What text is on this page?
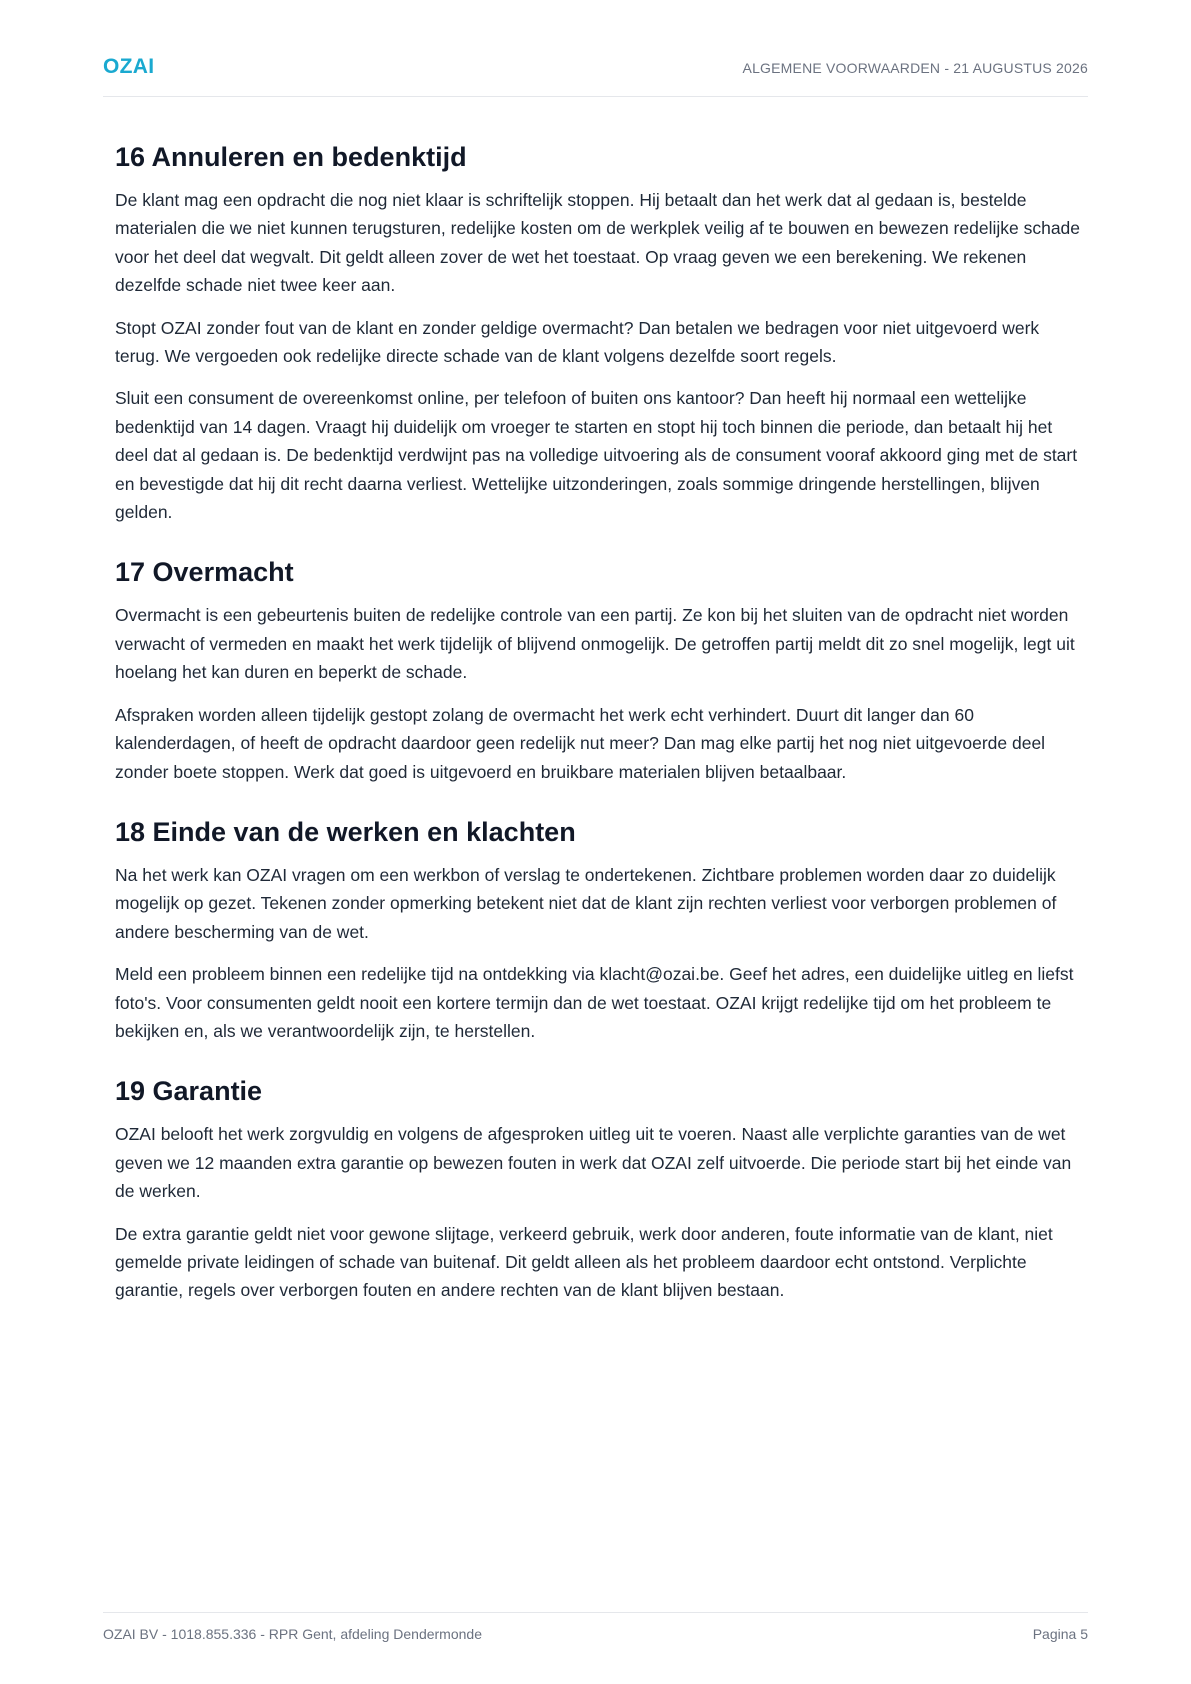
OZAI	ALGEMENE VOORWAARDEN - 21 AUGUSTUS 2026
16 Annuleren en bedenktijd

De klant mag een opdracht die nog niet klaar is schriftelijk stoppen. Hij betaalt dan het werk dat al gedaan is, bestelde materialen die we niet kunnen terugsturen, redelijke kosten om de werkplek veilig af te bouwen en bewezen redelijke schade voor het deel dat wegvalt. Dit geldt alleen zover de wet het toestaat. Op vraag geven we een berekening. We rekenen dezelfde schade niet twee keer aan.

Stopt OZAI zonder fout van de klant en zonder geldige overmacht? Dan betalen we bedragen voor niet uitgevoerd werk terug. We vergoeden ook redelijke directe schade van de klant volgens dezelfde soort regels.

Sluit een consument de overeenkomst online, per telefoon of buiten ons kantoor? Dan heeft hij normaal een wettelijke bedenktijd van 14 dagen. Vraagt hij duidelijk om vroeger te starten en stopt hij toch binnen die periode, dan betaalt hij het deel dat al gedaan is. De bedenktijd verdwijnt pas na volledige uitvoering als de consument vooraf akkoord ging met de start en bevestigde dat hij dit recht daarna verliest. Wettelijke uitzonderingen, zoals sommige dringende herstellingen, blijven gelden.

17 Overmacht

Overmacht is een gebeurtenis buiten de redelijke controle van een partij. Ze kon bij het sluiten van de opdracht niet worden verwacht of vermeden en maakt het werk tijdelijk of blijvend onmogelijk. De getroffen partij meldt dit zo snel mogelijk, legt uit hoelang het kan duren en beperkt de schade.

Afspraken worden alleen tijdelijk gestopt zolang de overmacht het werk echt verhindert. Duurt dit langer dan 60 kalenderdagen, of heeft de opdracht daardoor geen redelijk nut meer? Dan mag elke partij het nog niet uitgevoerde deel zonder boete stoppen. Werk dat goed is uitgevoerd en bruikbare materialen blijven betaalbaar.

18 Einde van de werken en klachten

Na het werk kan OZAI vragen om een werkbon of verslag te ondertekenen. Zichtbare problemen worden daar zo duidelijk mogelijk op gezet. Tekenen zonder opmerking betekent niet dat de klant zijn rechten verliest voor verborgen problemen of andere bescherming van de wet.

Meld een probleem binnen een redelijke tijd na ontdekking via klacht@ozai.be. Geef het adres, een duidelijke uitleg en liefst foto's. Voor consumenten geldt nooit een kortere termijn dan de wet toestaat. OZAI krijgt redelijke tijd om het probleem te bekijken en, als we verantwoordelijk zijn, te herstellen.

19 Garantie

OZAI belooft het werk zorgvuldig en volgens de afgesproken uitleg uit te voeren. Naast alle verplichte garanties van de wet geven we 12 maanden extra garantie op bewezen fouten in werk dat OZAI zelf uitvoerde. Die periode start bij het einde van de werken.

De extra garantie geldt niet voor gewone slijtage, verkeerd gebruik, werk door anderen, foute informatie van de klant, niet gemelde private leidingen of schade van buitenaf. Dit geldt alleen als het probleem daardoor echt ontstond. Verplichte garantie, regels over verborgen fouten en andere rechten van de klant blijven bestaan.

OZAI BV - 1018.855.336 - RPR Gent, afdeling Dendermonde	Pagina 5
